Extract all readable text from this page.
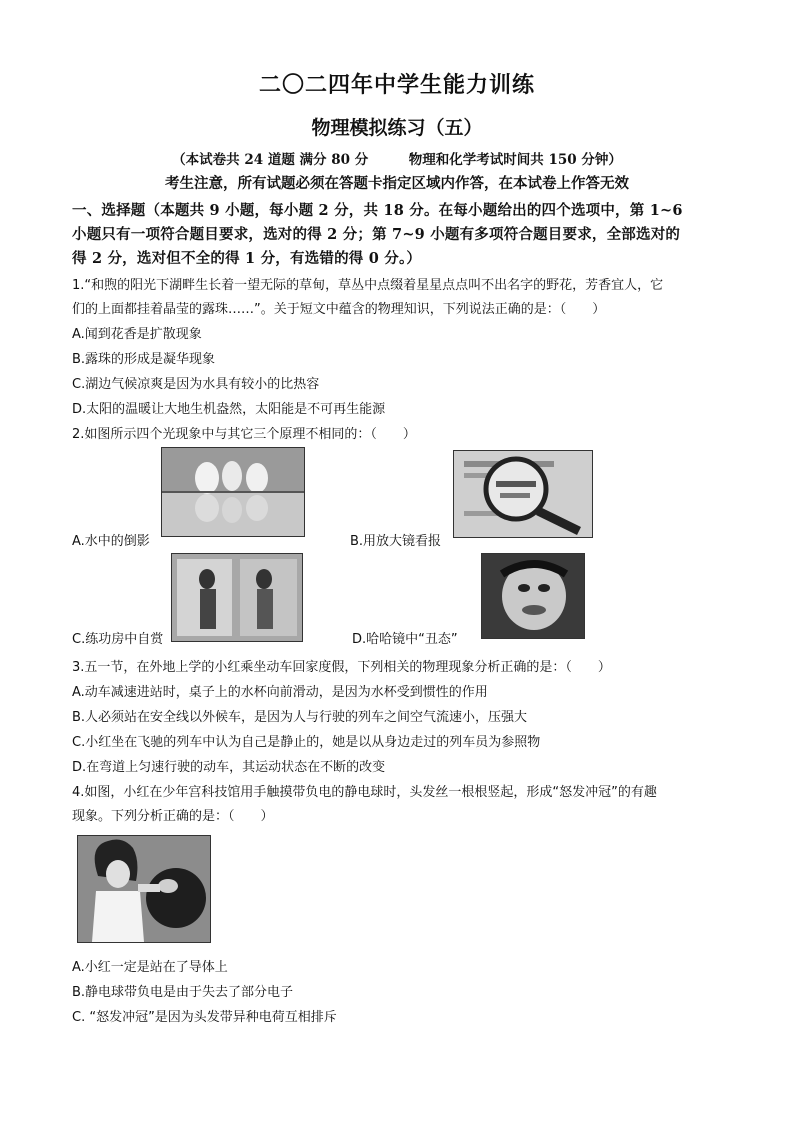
二〇二四年中学生能力训练
物理模拟练习（五）
（本试卷共 24 道题 满分 80 分　　　物理和化学考试时间共 150 分钟）
考生注意，所有试题必须在答题卡指定区域内作答，在本试卷上作答无效
一、选择题（本题共 9 小题，每小题 2 分，共 18 分。在每小题给出的四个选项中，第 1~6
小题只有一项符合题目要求，选对的得 2 分；第 7~9 小题有多项符合题目要求，全部选对的
得 2 分，选对但不全的得 1 分，有选错的得 0 分。）
1.“和煦的阳光下湖畔生长着一望无际的草甸，草丛中点缀着星星点点叫不出名字的野花，芳香宜人，它
们的上面都挂着晶莹的露珠……”。关于短文中蕴含的物理知识，下列说法正确的是：（　　）
A.闻到花香是扩散现象
B.露珠的形成是凝华现象
C.湖边气候凉爽是因为水具有较小的比热容
D.太阳的温暖让大地生机盎然，太阳能是不可再生能源
2.如图所示四个光现象中与其它三个原理不相同的：（　　）
A.水中的倒影	B.用放大镜看报
C.练功房中自赏	D.哈哈镜中“丑态”
3.五一节，在外地上学的小红乘坐动车回家度假，下列相关的物理现象分析正确的是：（　　）
A.动车减速进站时，桌子上的水杯向前滑动，是因为水杯受到惯性的作用
B.人必须站在安全线以外候车，是因为人与行驶的列车之间空气流速小，压强大
C.小红坐在飞驰的列车中认为自己是静止的，她是以从身边走过的列车员为参照物
D.在弯道上匀速行驶的动车，其运动状态在不断的改变
4.如图，小红在少年宫科技馆用手触摸带负电的静电球时，头发丝一根根竖起，形成“怒发冲冠”的有趣
现象。下列分析正确的是：（　　）
A.小红一定是站在了导体上
B.静电球带负电是由于失去了部分电子
C. “怒发冲冠”是因为头发带异种电荷互相排斥
